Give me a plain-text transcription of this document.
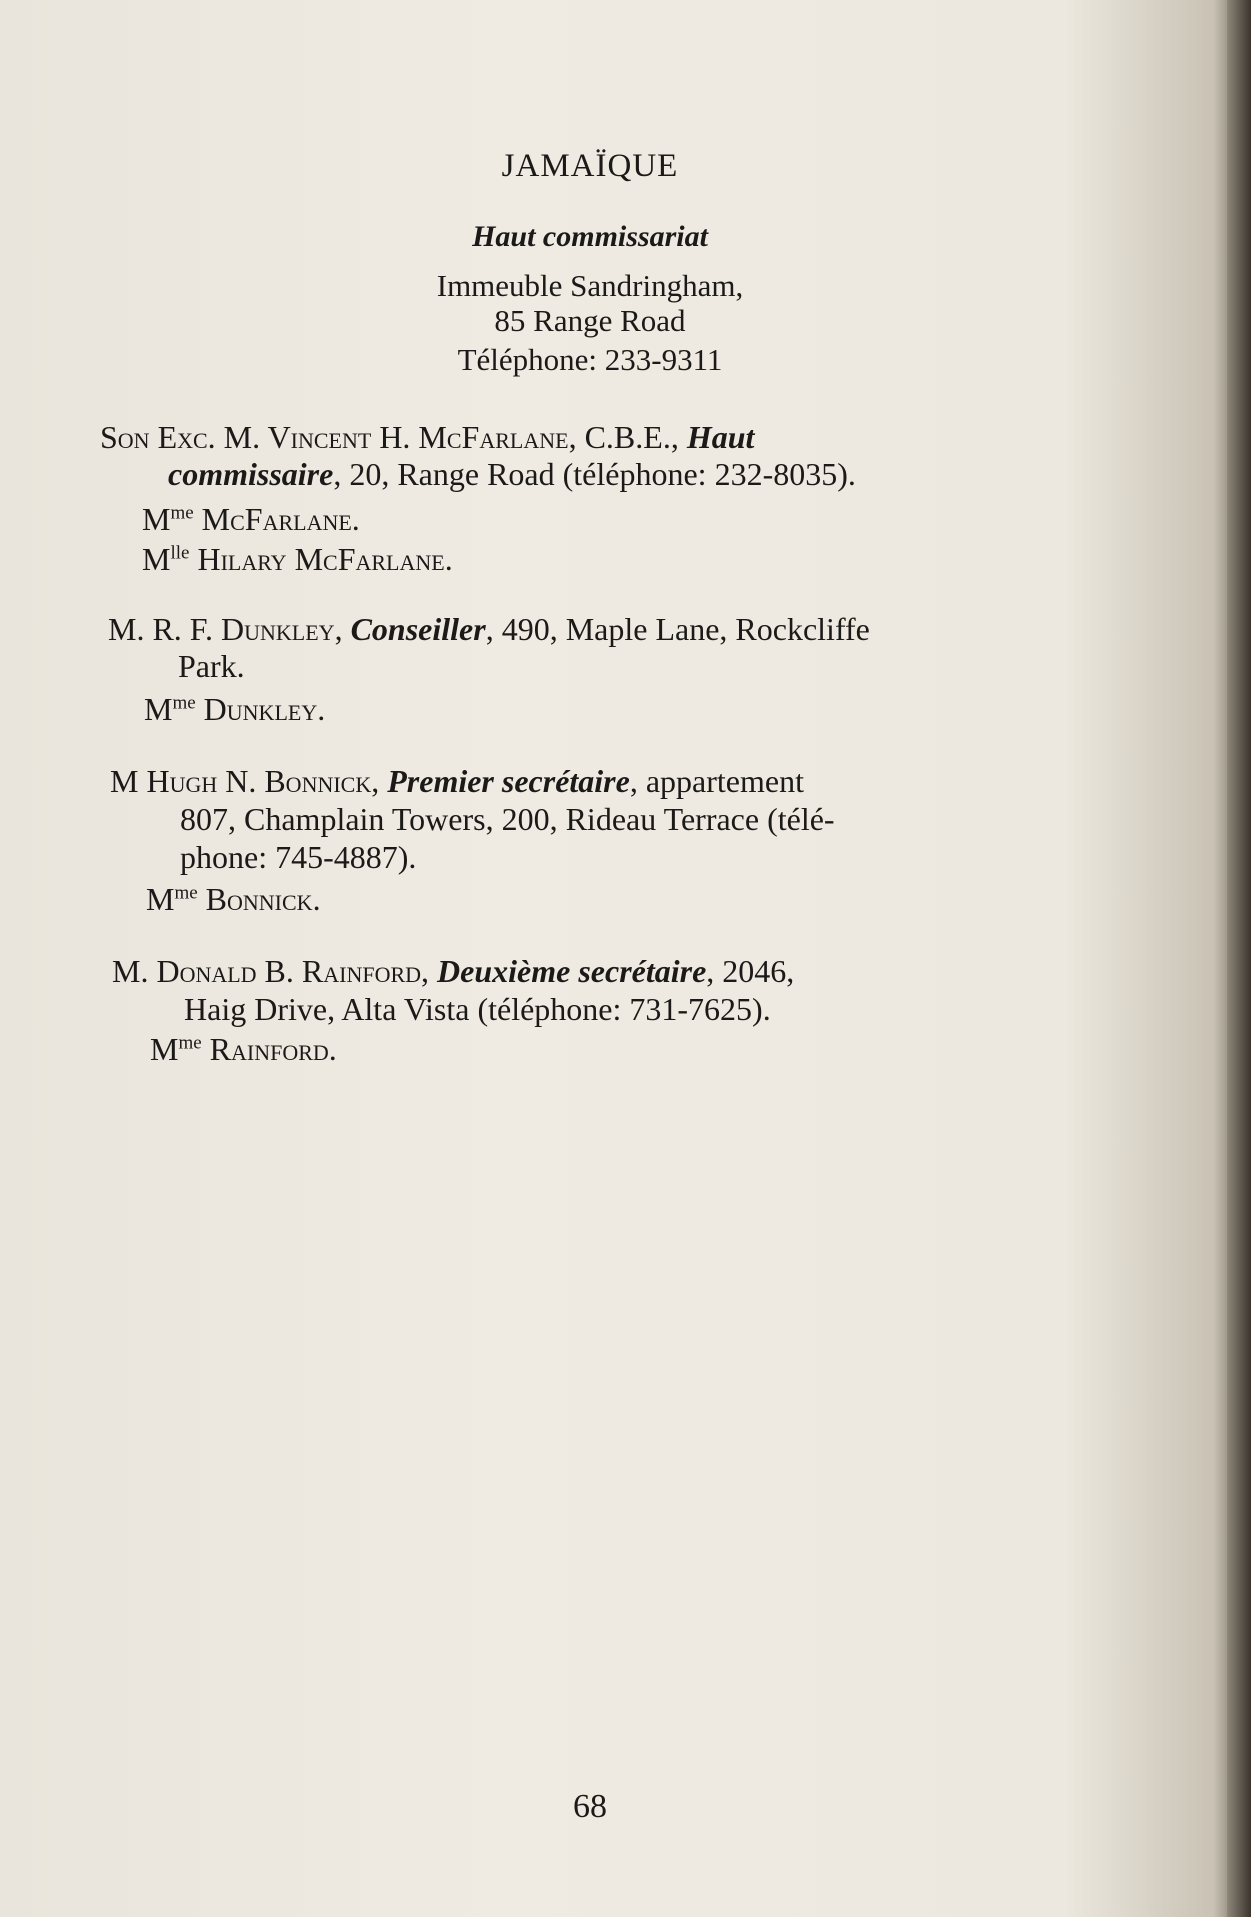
JAMAÏQUE
Haut commissariat
Immeuble Sandringham,
85 Range Road
Téléphone: 233-9311
Son Exc. M. Vincent H. McFarlane, C.B.E., Haut
commissaire, 20, Range Road (téléphone: 232-8035).
$M^{me}$ McFarlane.
$M^{lle}$ Hilary McFarlane.
M. R. F. Dunkley, Conseiller, 490, Maple Lane, Rockcliffe
Park.
$M^{me}$ Dunkley.
M Hugh N. Bonnick, Premier secrétaire, appartement
807, Champlain Towers, 200, Rideau Terrace (télé-
phone: 745-4887).
$M^{me}$ Bonnick.
M. Donald B. Rainford, Deuxième secrétaire, 2046,
Haig Drive, Alta Vista (téléphone: 731-7625).
$M^{me}$ Rainford.
68
